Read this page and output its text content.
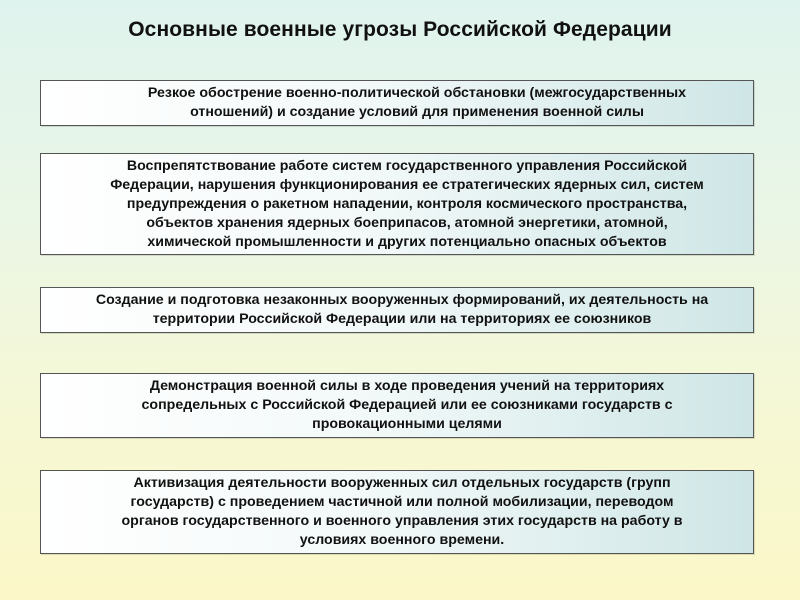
Основные военные угрозы Российской Федерации
Резкое обострение военно-политической обстановки (межгосударственных
отношений) и создание условий для применения военной силы
Воспрепятствование работе систем государственного управления Российской
Федерации, нарушения функционирования ее стратегических ядерных сил, систем
предупреждения о ракетном нападении, контроля космического пространства,
объектов хранения ядерных боеприпасов, атомной энергетики, атомной,
химической промышленности и других потенциально опасных объектов
Создание и подготовка незаконных вооруженных формирований, их деятельность на
территории Российской Федерации или на территориях ее союзников
Демонстрация военной силы в ходе проведения учений на территориях
сопредельных с Российской Федерацией или ее союзниками государств с
провокационными целями
Активизация деятельности вооруженных сил отдельных государств (групп
государств) с проведением частичной или полной мобилизации, переводом
органов государственного и военного управления этих государств на работу в
условиях военного времени.
